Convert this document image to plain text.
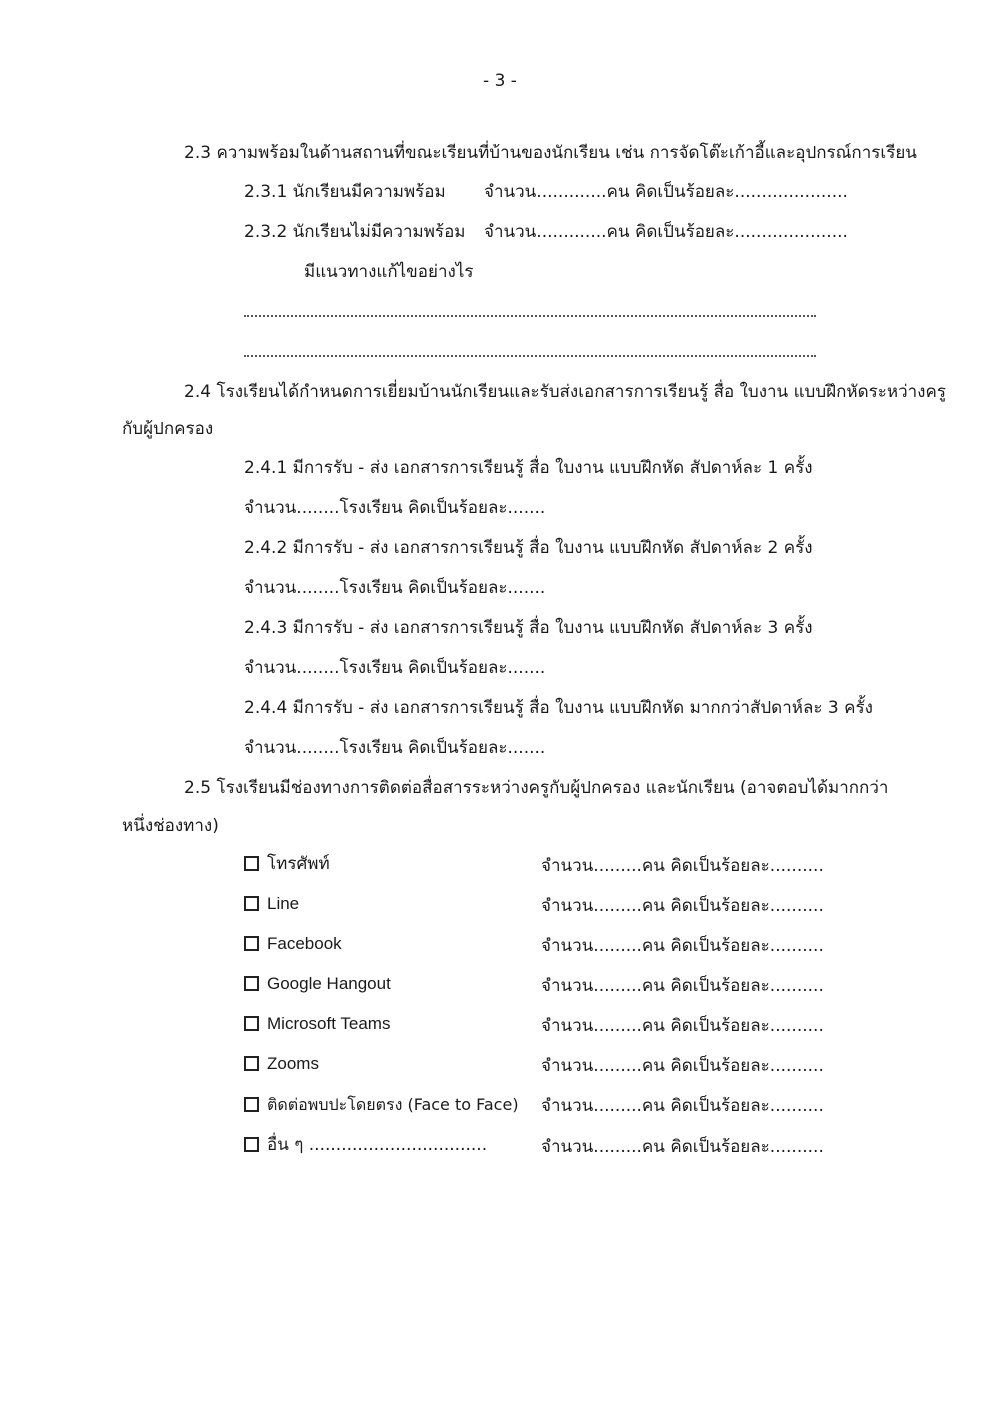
- 3 -
2.3 ความพร้อมในด้านสถานที่ขณะเรียนที่บ้านของนักเรียน เช่น การจัดโต๊ะเก้าอี้และอุปกรณ์การเรียน
2.3.1 นักเรียนมีความพร้อม จำนวน.............คน คิดเป็นร้อยละ.....................
2.3.2 นักเรียนไม่มีความพร้อม จำนวน.............คน คิดเป็นร้อยละ.....................
มีแนวทางแก้ไขอย่างไร
2.4 โรงเรียนได้กำหนดการเยี่ยมบ้านนักเรียนและรับส่งเอกสารการเรียนรู้ สื่อ ใบงาน แบบฝึกหัดระหว่างครู
กับผู้ปกครอง
2.4.1 มีการรับ - ส่ง เอกสารการเรียนรู้ สื่อ ใบงาน แบบฝึกหัด สัปดาห์ละ 1 ครั้ง
จำนวน........โรงเรียน คิดเป็นร้อยละ.......
2.4.2 มีการรับ - ส่ง เอกสารการเรียนรู้ สื่อ ใบงาน แบบฝึกหัด สัปดาห์ละ 2 ครั้ง
จำนวน........โรงเรียน คิดเป็นร้อยละ.......
2.4.3 มีการรับ - ส่ง เอกสารการเรียนรู้ สื่อ ใบงาน แบบฝึกหัด สัปดาห์ละ 3 ครั้ง
จำนวน........โรงเรียน คิดเป็นร้อยละ.......
2.4.4 มีการรับ - ส่ง เอกสารการเรียนรู้ สื่อ ใบงาน แบบฝึกหัด มากกว่าสัปดาห์ละ 3 ครั้ง
จำนวน........โรงเรียน คิดเป็นร้อยละ.......
2.5 โรงเรียนมีช่องทางการติดต่อสื่อสารระหว่างครูกับผู้ปกครอง และนักเรียน (อาจตอบได้มากกว่า
หนึ่งช่องทาง)
โทรศัพท์	จำนวน.........คน คิดเป็นร้อยละ..........
Line	จำนวน.........คน คิดเป็นร้อยละ..........
Facebook	จำนวน.........คน คิดเป็นร้อยละ..........
Google Hangout	จำนวน.........คน คิดเป็นร้อยละ..........
Microsoft Teams	จำนวน.........คน คิดเป็นร้อยละ..........
Zooms	จำนวน.........คน คิดเป็นร้อยละ..........
ติดต่อพบปะโดยตรง (Face to Face) จำนวน.........คน คิดเป็นร้อยละ..........
อื่น ๆ .................................	จำนวน.........คน คิดเป็นร้อยละ..........
